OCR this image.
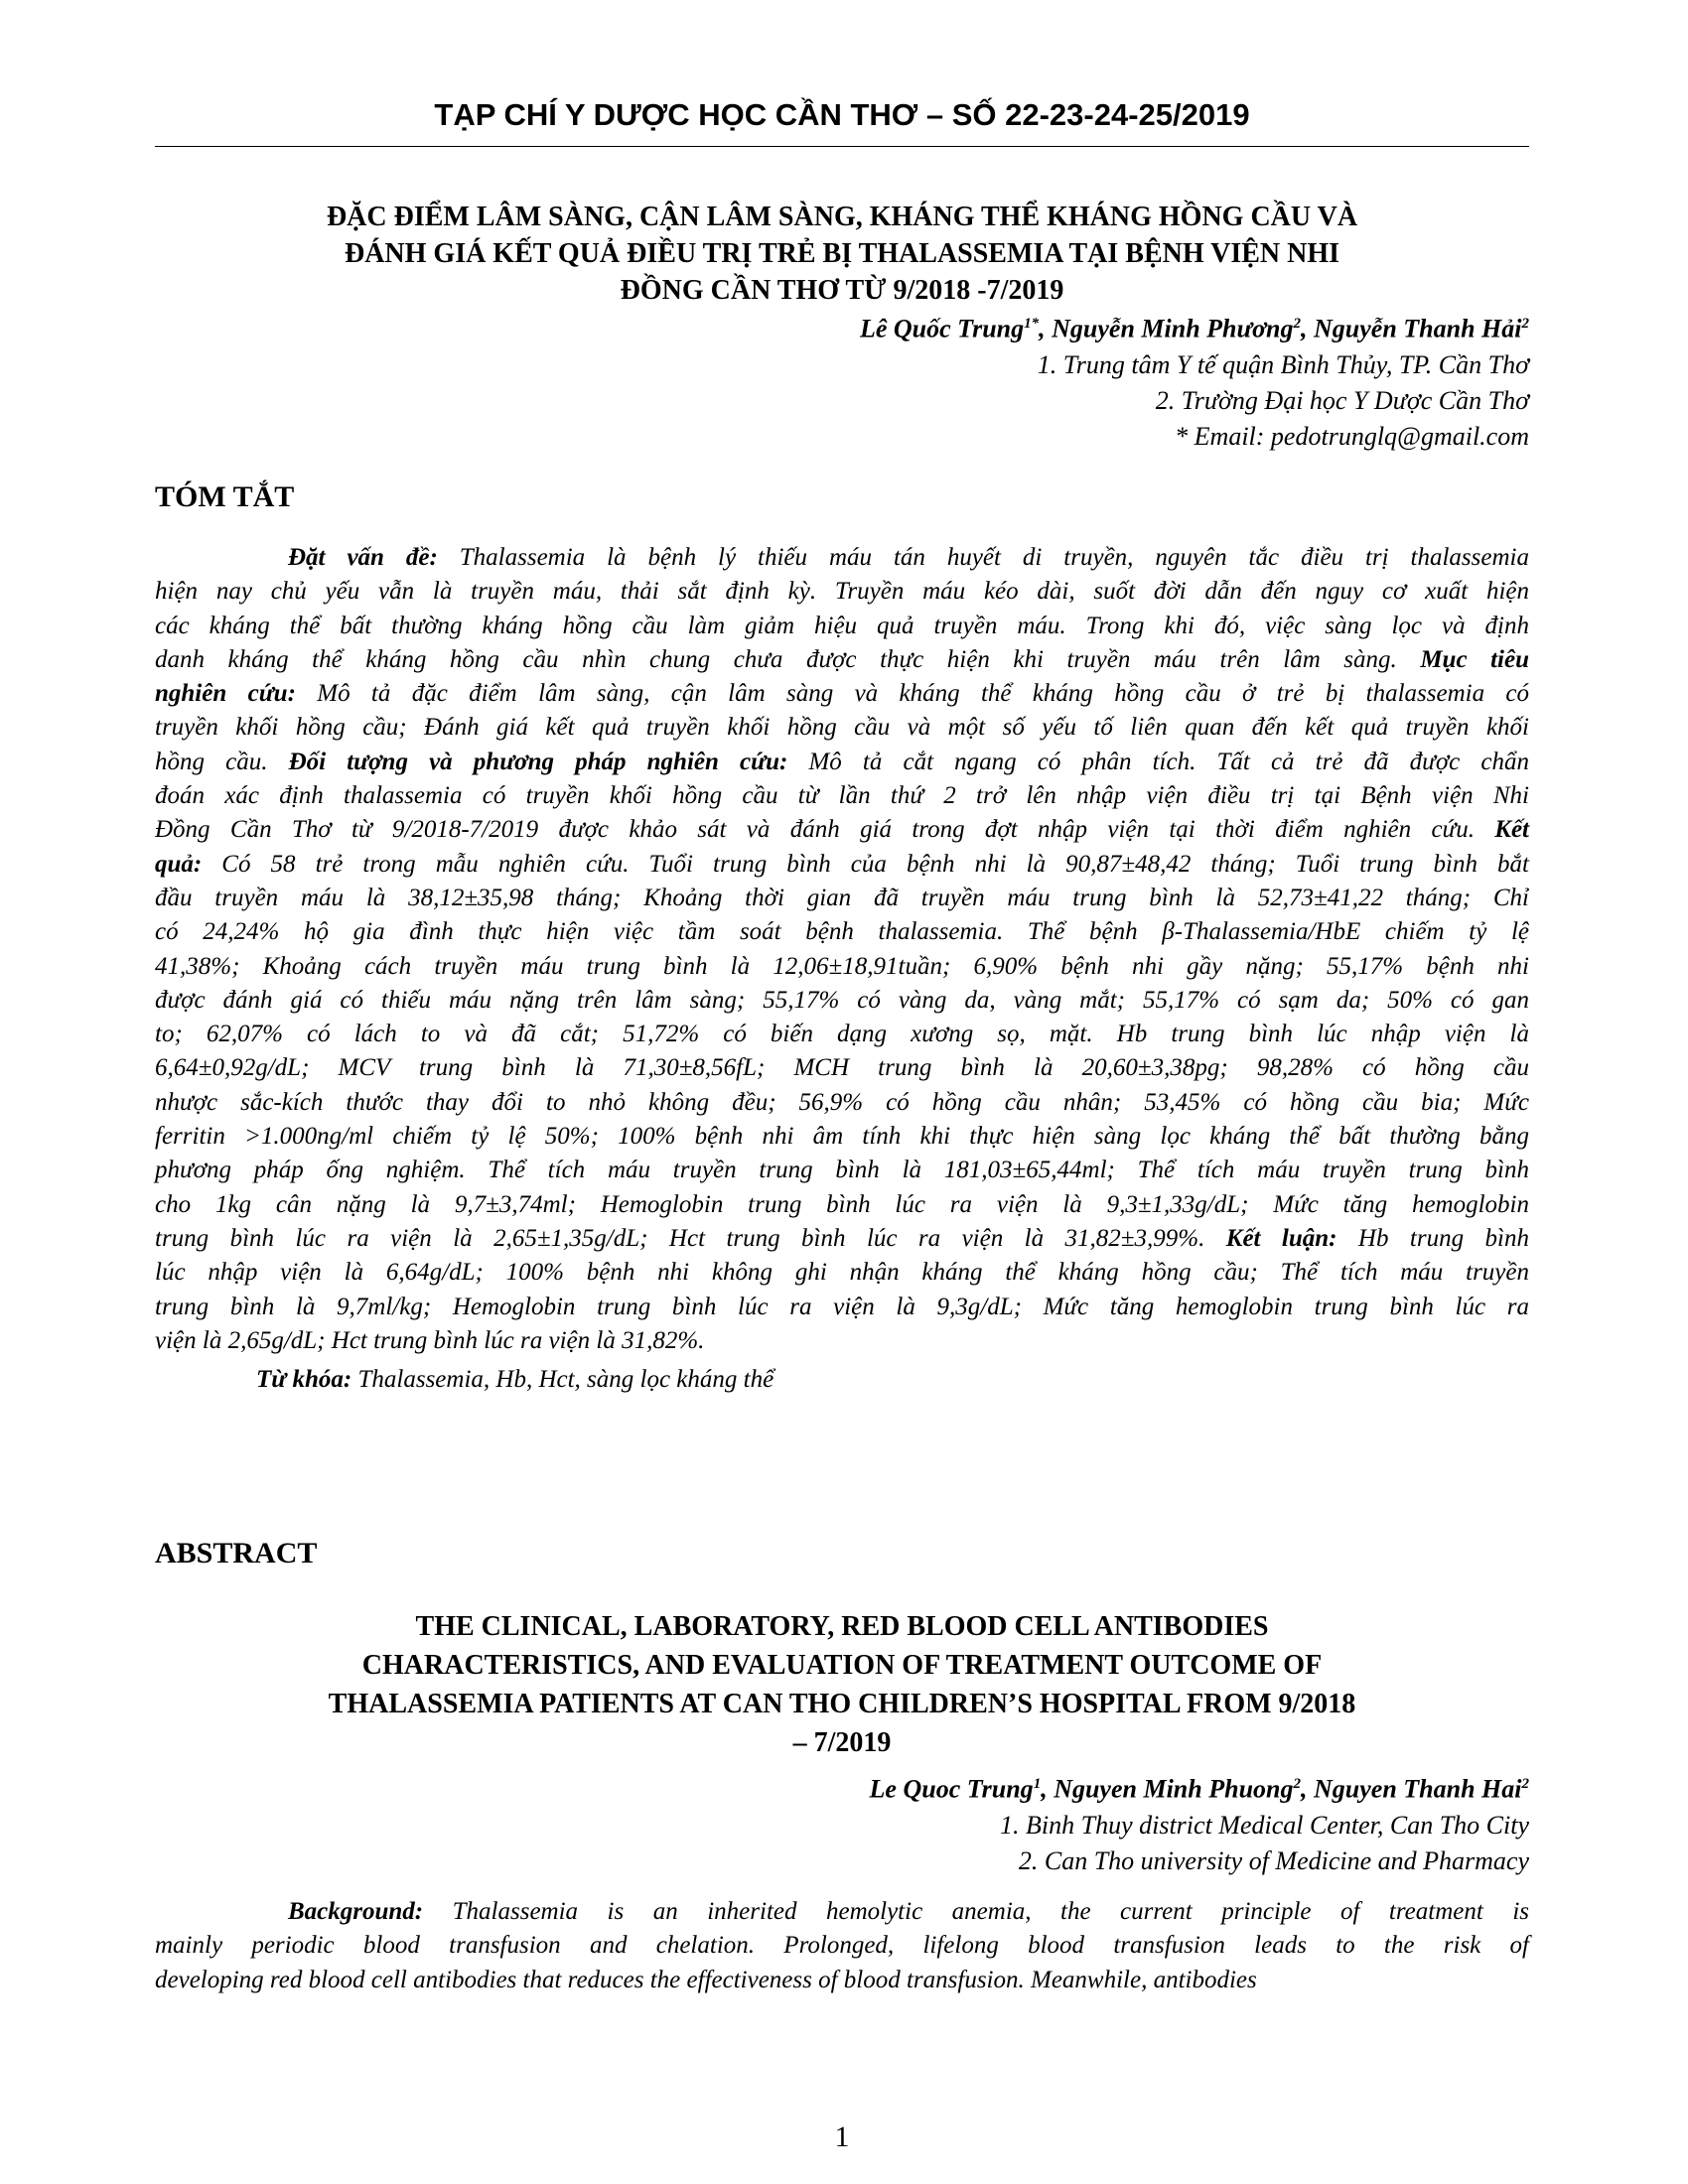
TẠP CHÍ Y DƯỢC HỌC CẦN THƠ – SỐ 22-23-24-25/2019
ĐẶC ĐIỂM LÂM SÀNG, CẬN LÂM SÀNG, KHÁNG THỂ KHÁNG HỒNG CẦU VÀ
ĐÁNH GIÁ KẾT QUẢ ĐIỀU TRỊ TRẺ BỊ THALASSEMIA TẠI BỆNH VIỆN NHI
ĐỒNG CẦN THƠ TỪ 9/2018 -7/2019
Lê Quốc Trung$^{1*}$, Nguyễn Minh Phương$^2$, Nguyễn Thanh Hải$^2$
1. Trung tâm Y tế quận Bình Thủy, TP. Cần Thơ
2. Trường Đại học Y Dược Cần Thơ
* Email: pedotrunglq@gmail.com
TÓM TẮT
Đặt vấn đề: Thalassemia là bệnh lý thiếu máu tán huyết di truyền, nguyên tắc điều trị thalassemia
hiện nay chủ yếu vẫn là truyền máu, thải sắt định kỳ. Truyền máu kéo dài, suốt đời dẫn đến nguy cơ xuất hiện
các kháng thể bất thường kháng hồng cầu làm giảm hiệu quả truyền máu. Trong khi đó, việc sàng lọc và định
danh kháng thể kháng hồng cầu nhìn chung chưa được thực hiện khi truyền máu trên lâm sàng. Mục tiêu
nghiên cứu: Mô tả đặc điểm lâm sàng, cận lâm sàng và kháng thể kháng hồng cầu ở trẻ bị thalassemia có
truyền khối hồng cầu; Đánh giá kết quả truyền khối hồng cầu và một số yếu tố liên quan đến kết quả truyền khối
hồng cầu. Đối tượng và phương pháp nghiên cứu: Mô tả cắt ngang có phân tích. Tất cả trẻ đã được chẩn
đoán xác định thalassemia có truyền khối hồng cầu từ lần thứ 2 trở lên nhập viện điều trị tại Bệnh viện Nhi
Đồng Cần Thơ từ 9/2018-7/2019 được khảo sát và đánh giá trong đợt nhập viện tại thời điểm nghiên cứu. Kết
quả: Có 58 trẻ trong mẫu nghiên cứu. Tuổi trung bình của bệnh nhi là 90,87±48,42 tháng; Tuổi trung bình bắt
đầu truyền máu là 38,12±35,98 tháng; Khoảng thời gian đã truyền máu trung bình là 52,73±41,22 tháng; Chỉ
có 24,24% hộ gia đình thực hiện việc tầm soát bệnh thalassemia. Thể bệnh β-Thalassemia/HbE chiếm tỷ lệ
41,38%; Khoảng cách truyền máu trung bình là 12,06±18,91tuần; 6,90% bệnh nhi gầy nặng; 55,17% bệnh nhi
được đánh giá có thiếu máu nặng trên lâm sàng; 55,17% có vàng da, vàng mắt; 55,17% có sạm da; 50% có gan
to; 62,07% có lách to và đã cắt; 51,72% có biến dạng xương sọ, mặt. Hb trung bình lúc nhập viện là
6,64±0,92g/dL; MCV trung bình là 71,30±8,56fL; MCH trung bình là 20,60±3,38pg; 98,28% có hồng cầu
nhược sắc-kích thước thay đổi to nhỏ không đều; 56,9% có hồng cầu nhân; 53,45% có hồng cầu bia; Mức
ferritin >1.000ng/ml chiếm tỷ lệ 50%; 100% bệnh nhi âm tính khi thực hiện sàng lọc kháng thể bất thường bằng
phương pháp ống nghiệm. Thể tích máu truyền trung bình là 181,03±65,44ml; Thể tích máu truyền trung bình
cho 1kg cân nặng là 9,7±3,74ml; Hemoglobin trung bình lúc ra viện là 9,3±1,33g/dL; Mức tăng hemoglobin
trung bình lúc ra viện là 2,65±1,35g/dL; Hct trung bình lúc ra viện là 31,82±3,99%. Kết luận: Hb trung bình
lúc nhập viện là 6,64g/dL; 100% bệnh nhi không ghi nhận kháng thể kháng hồng cầu; Thể tích máu truyền
trung bình là 9,7ml/kg; Hemoglobin trung bình lúc ra viện là 9,3g/dL; Mức tăng hemoglobin trung bình lúc ra
viện là 2,65g/dL; Hct trung bình lúc ra viện là 31,82%.
Từ khóa: Thalassemia, Hb, Hct, sàng lọc kháng thể
ABSTRACT
THE CLINICAL, LABORATORY, RED BLOOD CELL ANTIBODIES
CHARACTERISTICS, AND EVALUATION OF TREATMENT OUTCOME OF
THALASSEMIA PATIENTS AT CAN THO CHILDREN’S HOSPITAL FROM 9/2018
– 7/2019
Le Quoc Trung$^1$, Nguyen Minh Phuong$^2$, Nguyen Thanh Hai$^2$
1. Binh Thuy district Medical Center, Can Tho City
2. Can Tho university of Medicine and Pharmacy
Background: Thalassemia is an inherited hemolytic anemia, the current principle of treatment is
mainly periodic blood transfusion and chelation. Prolonged, lifelong blood transfusion leads to the risk of
developing red blood cell antibodies that reduces the effectiveness of blood transfusion. Meanwhile, antibodies
1
